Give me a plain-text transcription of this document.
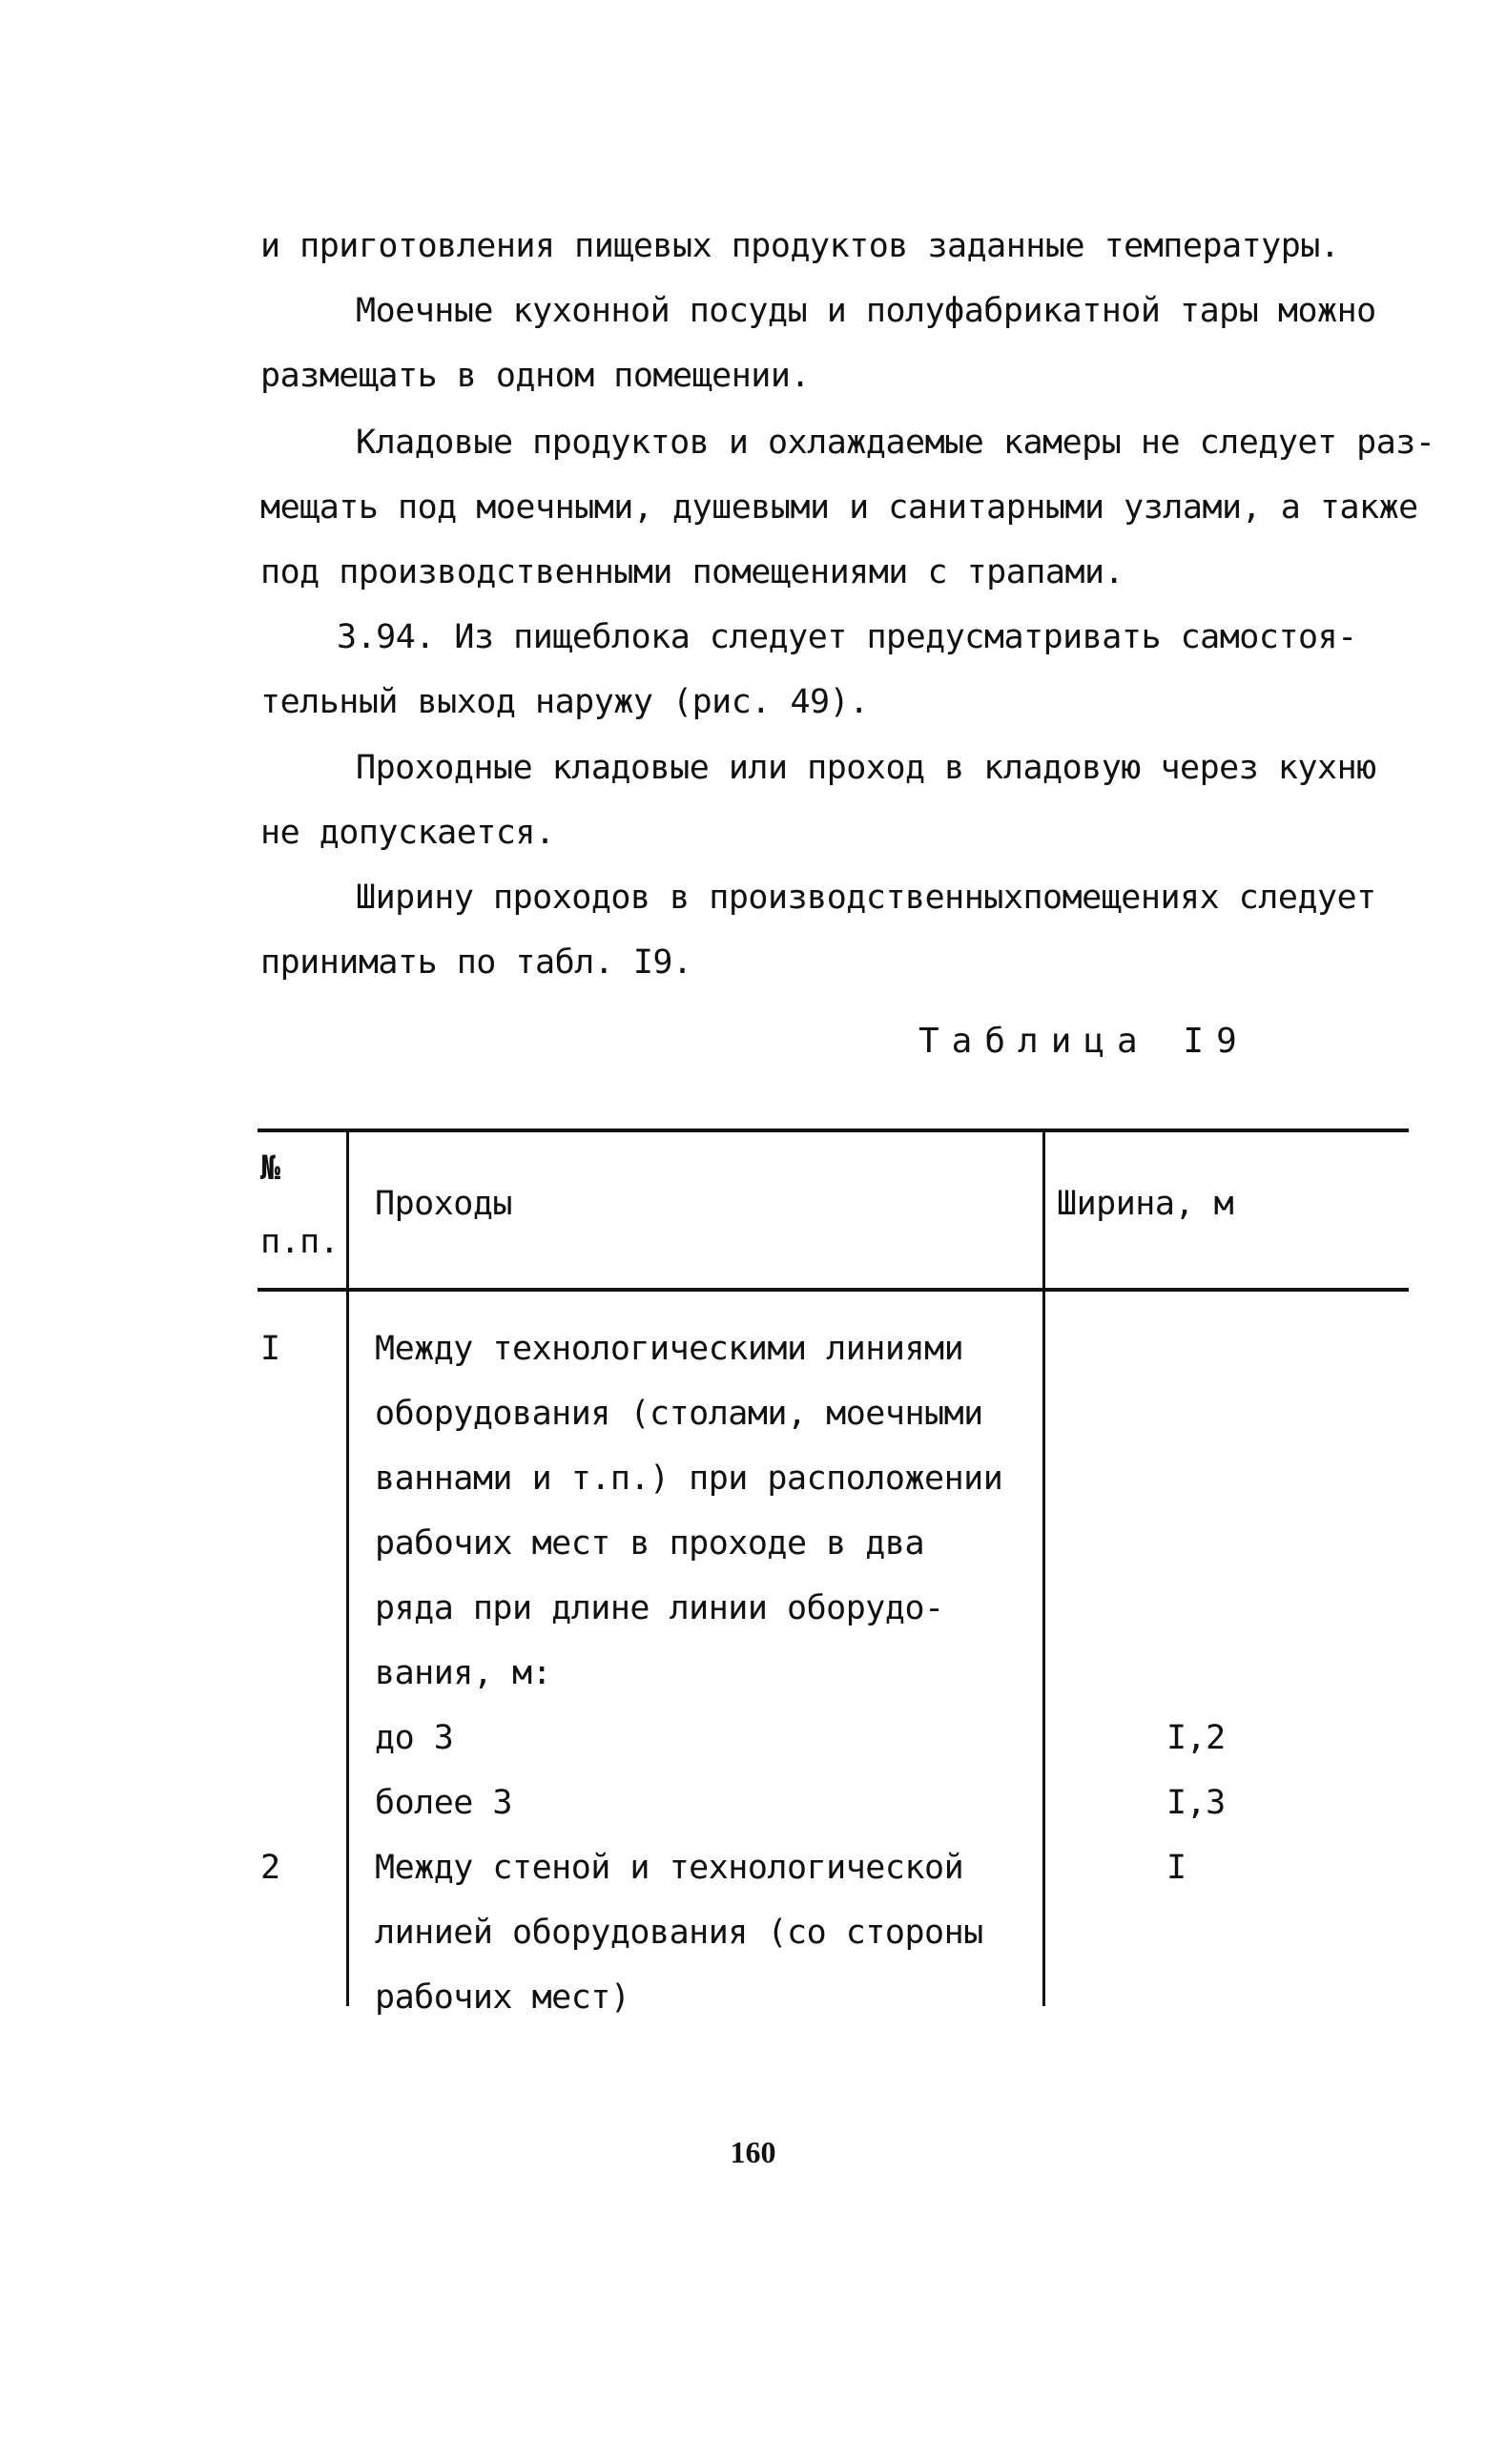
и приготовления пищевых продуктов заданные температуры.
Моечные кухонной посуды и полуфабрикатной тары можно
размещать в одном помещении.
Кладовые продуктов и охлаждаемые камеры не следует раз-
мещать под моечными, душевыми и санитарными узлами, а также
под производственными помещениями с трапами.
3.94. Из пищеблока следует предусматривать самостоя-
тельный выход наружу (рис. 49).
Проходные кладовые или проход в кладовую через кухню
не допускается.
Ширину проходов в производственныхпомещениях следует
принимать по табл. I9.
Таблица I9
№
п.п.
Проходы	Ширина, м
I	Между технологическими линиями
оборудования (столами, моечными
ваннами и т.п.) при расположении
рабочих мест в проходе в два
ряда при длине линии оборудо-
вания, м:
до 3	I,2
более 3	I,3
2	Между стеной и технологической	I
линией оборудования (со стороны
рабочих мест)
160
